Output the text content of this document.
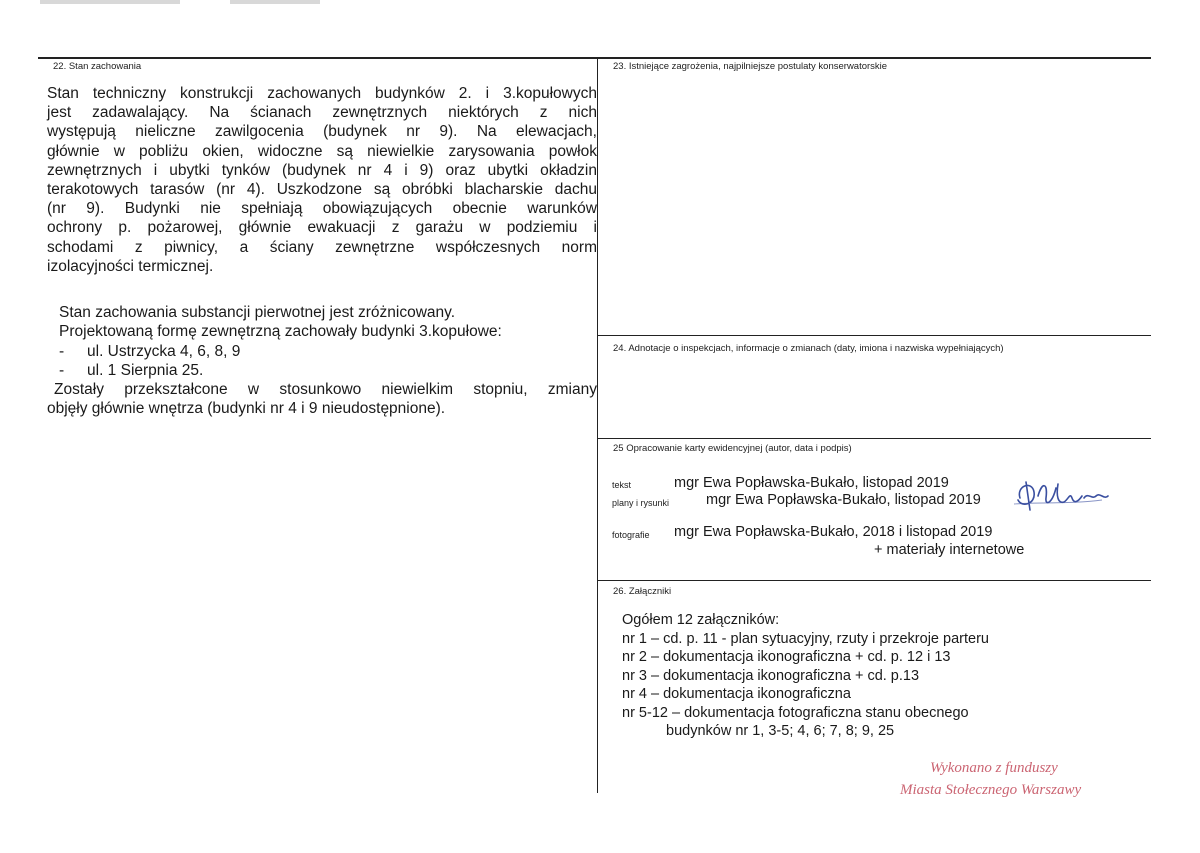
22. Stan zachowania
Stan techniczny konstrukcji zachowanych budynków 2. i 3.kopułowych
jest zadawalający. Na ścianach zewnętrznych niektórych z nich
występują nieliczne zawilgocenia (budynek nr 9). Na elewacjach,
głównie w pobliżu okien, widoczne są niewielkie zarysowania powłok
zewnętrznych i ubytki tynków (budynek nr 4 i 9) oraz ubytki okładzin
terakotowych tarasów (nr 4). Uszkodzone są obróbki blacharskie dachu
(nr 9). Budynki nie spełniają obowiązujących obecnie warunków
ochrony p. pożarowej, głównie ewakuacji z garażu w podziemiu i
schodami z piwnicy, a ściany zewnętrzne współczesnych norm
izolacyjności termicznej.
Stan zachowania substancji pierwotnej jest zróżnicowany.
Projektowaną formę zewnętrzną zachowały budynki 3.kopułowe:
- ul. Ustrzycka 4, 6, 8, 9
- ul. 1 Sierpnia 25.
Zostały przekształcone w stosunkowo niewielkim stopniu, zmiany
objęły głównie wnętrza (budynki nr 4 i 9 nieudostępnione).
23. Istniejące zagrożenia, najpilniejsze postulaty konserwatorskie
24. Adnotacje o inspekcjach, informacje o zmianach (daty, imiona i nazwiska wypełniających)
25 Opracowanie karty ewidencyjnej (autor, data i podpis)
tekst	mgr Ewa Popławska-Bukało, listopad 2019
plany i rysunki	mgr Ewa Popławska-Bukało, listopad 2019
fotografie mgr Ewa Popławska-Bukało, 2018 i listopad 2019
+ materiały internetowe
26. Załączniki
Ogółem 12 załączników:
nr 1 – cd. p. 11 - plan sytuacyjny, rzuty i przekroje parteru
nr 2 – dokumentacja ikonograficzna + cd. p. 12 i 13
nr 3 – dokumentacja ikonograficzna + cd. p.13
nr 4 – dokumentacja ikonograficzna
nr 5-12 – dokumentacja fotograficzna stanu obecnego
budynków nr 1, 3-5; 4, 6; 7, 8; 9, 25
Wykonano z funduszy
Miasta Stołecznego Warszawy
